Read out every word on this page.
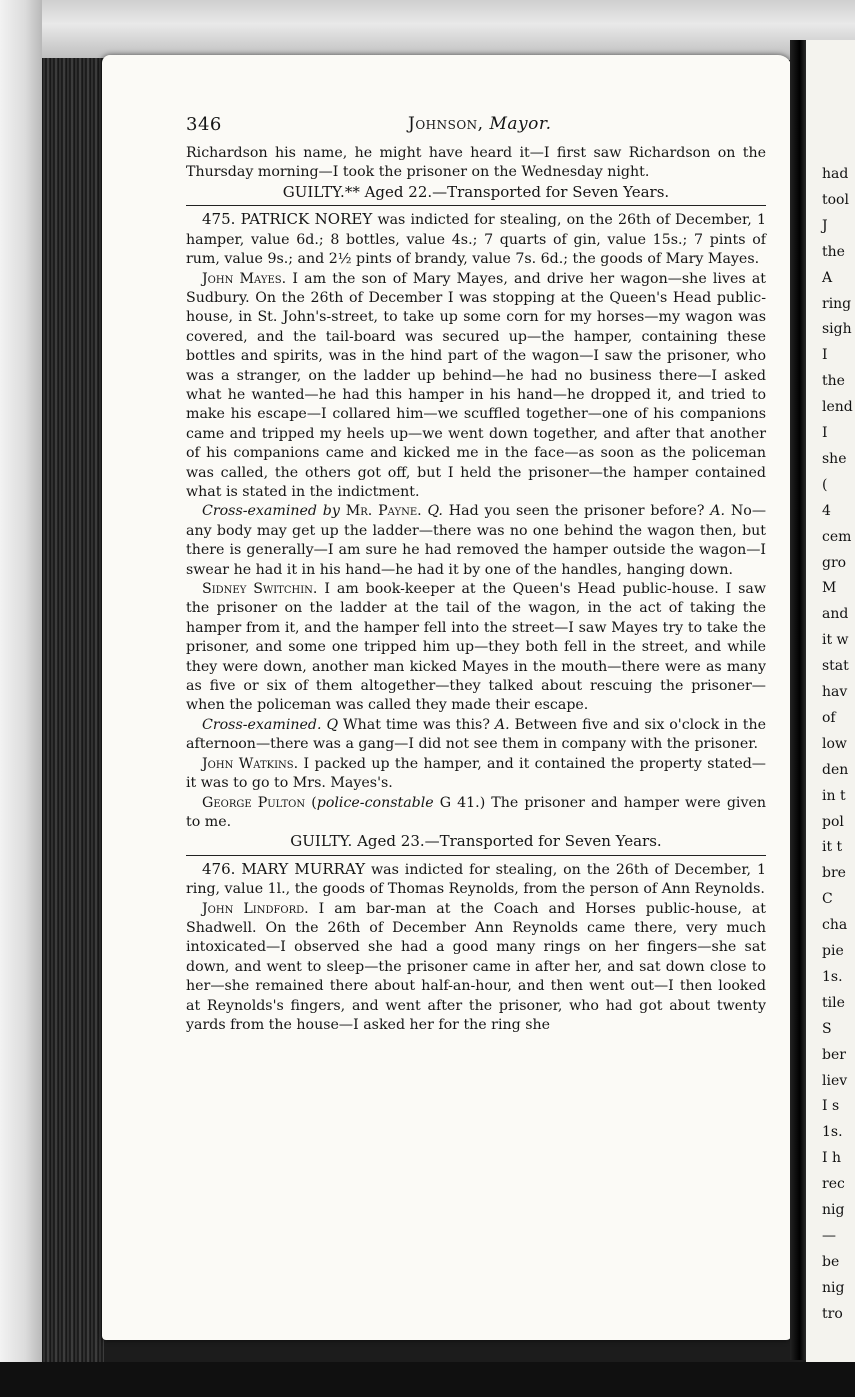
had
tool
J
the
A
ring
sigh
I
the
lend
I
she
(
4
cem
gro
M
and
it w
stat
hav
of
low
den
in t
pol
it t
bre
C
cha
pie
1s.
tile
S
ber
liev
I s
1s.
I h
rec
nig
—
be
nig
tro
346	Johnson, Mayor.

Richardson his name, he might have heard it—I first saw Richardson on the Thursday morning—I took the prisoner on the Wednesday night.

GUILTY.** Aged 22.—Transported for Seven Years.

475. PATRICK NOREY was indicted for stealing, on the 26th of December, 1 hamper, value 6d.; 8 bottles, value 4s.; 7 quarts of gin, value 15s.; 7 pints of rum, value 9s.; and 2½ pints of brandy, value 7s. 6d.; the goods of Mary Mayes.

John Mayes. I am the son of Mary Mayes, and drive her wagon—she lives at Sudbury. On the 26th of December I was stopping at the Queen's Head public-house, in St. John's-street, to take up some corn for my horses—my wagon was covered, and the tail-board was secured up—the hamper, containing these bottles and spirits, was in the hind part of the wagon—I saw the prisoner, who was a stranger, on the ladder up behind—he had no business there—I asked what he wanted—he had this hamper in his hand—he dropped it, and tried to make his escape—I collared him—we scuffled together—one of his companions came and tripped my heels up—we went down together, and after that another of his companions came and kicked me in the face—as soon as the policeman was called, the others got off, but I held the prisoner—the hamper contained what is stated in the indictment.

Cross-examined by Mr. Payne. Q. Had you seen the prisoner before? A. No—any body may get up the ladder—there was no one behind the wagon then, but there is generally—I am sure he had removed the hamper outside the wagon—I swear he had it in his hand—he had it by one of the handles, hanging down.

Sidney Switchin. I am book-keeper at the Queen's Head public-house. I saw the prisoner on the ladder at the tail of the wagon, in the act of taking the hamper from it, and the hamper fell into the street—I saw Mayes try to take the prisoner, and some one tripped him up—they both fell in the street, and while they were down, another man kicked Mayes in the mouth—there were as many as five or six of them altogether—they talked about rescuing the prisoner—when the policeman was called they made their escape.

Cross-examined. Q What time was this? A. Between five and six o'clock in the afternoon—there was a gang—I did not see them in company with the prisoner.

John Watkins. I packed up the hamper, and it contained the property stated—it was to go to Mrs. Mayes's.

George Pulton (police-constable G 41.) The prisoner and hamper were given to me.

GUILTY. Aged 23.—Transported for Seven Years.

476. MARY MURRAY was indicted for stealing, on the 26th of December, 1 ring, value 1l., the goods of Thomas Reynolds, from the person of Ann Reynolds.

John Lindford. I am bar-man at the Coach and Horses public-house, at Shadwell. On the 26th of December Ann Reynolds came there, very much intoxicated—I observed she had a good many rings on her fingers—she sat down, and went to sleep—the prisoner came in after her, and sat down close to her—she remained there about half-an-hour, and then went out—I then looked at Reynolds's fingers, and went after the prisoner, who had got about twenty yards from the house—I asked her for the ring she
